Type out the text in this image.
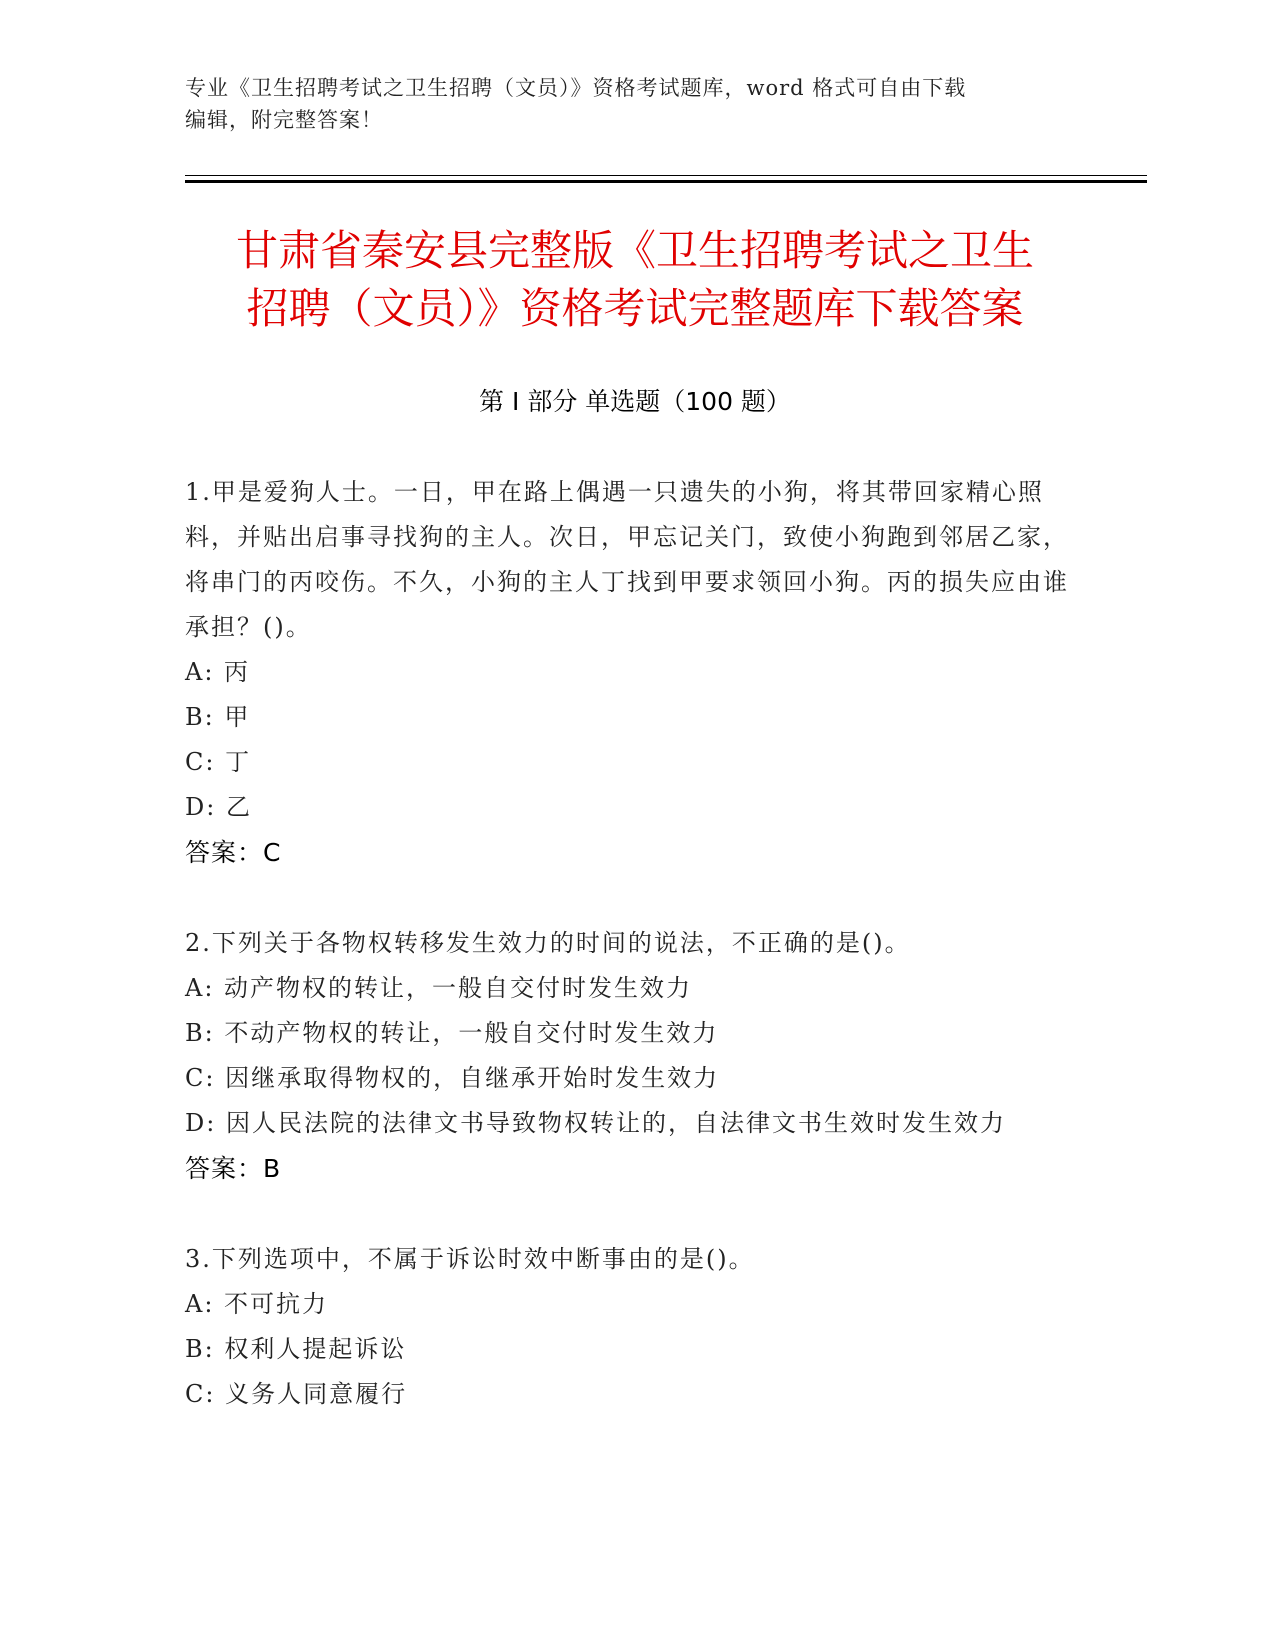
专业《卫生招聘考试之卫生招聘（文员）》资格考试题库，word 格式可自由下载
编辑，附完整答案！
甘肃省秦安县完整版《卫生招聘考试之卫生
招聘（文员）》资格考试完整题库下载答案
第 I 部分 单选题（100 题）

1.甲是爱狗人士。一日，甲在路上偶遇一只遗失的小狗，将其带回家精心照料，并贴出启事寻找狗的主人。次日，甲忘记关门，致使小狗跑到邻居乙家，将串门的丙咬伤。不久，小狗的主人丁找到甲要求领回小狗。丙的损失应由谁承担？()。

A: 丙

B: 甲

C: 丁

D: 乙

答案：C

2.下列关于各物权转移发生效力的时间的说法，不正确的是()。

A: 动产物权的转让，一般自交付时发生效力

B: 不动产物权的转让，一般自交付时发生效力

C: 因继承取得物权的，自继承开始时发生效力

D: 因人民法院的法律文书导致物权转让的，自法律文书生效时发生效力

答案：B

3.下列选项中，不属于诉讼时效中断事由的是()。

A: 不可抗力

B: 权利人提起诉讼

C: 义务人同意履行
